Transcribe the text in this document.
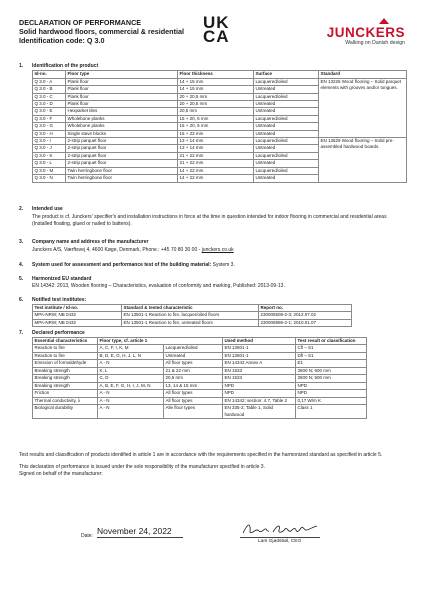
DECLARATION OF PERFORMANCE
Solid hardwood floors, commercial & residential
Identification code: Q 3.0
UK
CA	JUNCKERS
Walking on Danish design
1. Identification of the product
Id-no.	Floor type	Floor thickness	Surface	Standard
Q 3.0 - A	Plank floor	14 + 15 mm	Lacquered/oiled	EN 13226 Wood flooring – Solid parquet elements with grooves and/or tongues.
Q 3.0 - B	Plank floor	14 + 15 mm	Untreated	
Q 3.0 - C	Plank floor	20 + 20,5 mm	Lacquered/oiled	
Q 3.0 - D	Plank floor	20 + 20,5 mm	Untreated	
Q 3.0 - E	Hexparket tiles	20,5 mm	Untreated	
Q 3.0 - F	Wholebone planks	15 + 20, 5 mm	Lacquered/oiled	
Q 3.0 - G	Wholebone planks	15 + 20, 5 mm	Untreated	
Q 3.0 - H	Single stave blocks	15 + 22 mm	Untreated	
Q 3.0 - I	2-strip parquet floor	13 + 14 mm	Lacquered/oiled	EN 13629 Wood flooring – Solid pre-assembled hardwood boards.
Q 3.0 - J	2-strip parquet floor	13 + 14 mm	Untreated	
Q 3.0 - K	2-strip parquet floor	21 + 22 mm	Lacquered/oiled	
Q 3.0 - L	2-strip parquet floor	21 + 22 mm	Untreated	
Q 3.0 - M	Twin herringbone floor	14 + 22 mm	Lacquered/oiled	
Q 3.0 - N	Twin herringbone floor	14 + 22 mm	Untreated	
2. Intended use
The product is cf. Junckers' specifier's and installation instructions in force at the time in question intended for indoor flooring in commercial and residential areas (Installed floating, glued or nailed to battens).
3. Company name and address of the manufacturer
Junckers A/S, Værftsvej 4, 4600 Køge, Denmark, Phone.: +45 70 80 30 00 - junckers.co.uk
4. System used for assessment and performance test of the building material: System 3.
5. Harmonized EU standard
EN 14342: 2013, Wooden flooring – Characteristics, evaluation of conformity and marking, Published: 2013-09-13.
6. Notified test institutes:
Test institute / Id-no.	Standard & tested characteristic	Report no.
MPA-NRW; NB 0432	EN 13501-1 Reaction to fire, lacquer/oiled floors	230005508-2-3; 2012.07.02
MPA-NRW; NB 0432	EN 13501-1 Reaction to fire, untreated floors	230006996-2-1; 2010.01.07
7. Declared performance
Essential characteristics	Floor type, cf. article 1		Used method	Test result or classification
Reaction to fire	A, C, F, I, K, M	Lacquered/oiled	EN 13501-1	Cfl – S1
Reaction to fire	B, D, E, G, H, J, L, N	Untreated	EN 13501-1	Dfl – S1
Emission of formaldehyde	A - N	All floor types	EN 14342 Annex A	E1
Breaking strength	K, L	21 & 22 mm	EN 1533	3500 N; 600 mm
Breaking strength	C, D	20,5 mm	EN 1533	3500 N; 500 mm
Breaking strength	A, B, E, F, G, H, I, J, M, N	13, 14 & 15 mm	NPD	NPD
Friction	A - N	All floor types	NPD	NPD
Thermal conductivity, λ	A - N	All floor types	EN 14342; section: 4.7, Table 2	0,17 W/m K
Biological durability	A - N	Alle floor types	EN 335-2; Table 1, Solid hardwood	Class 1
Test results and classification of products identified in article 1 are in accordance with the requirements specified in the harmonized standard as specified in article 5.
This declaration of performance is issued under the sole responsibility of the manufacturer specified in article 3.
Signed on behalf of the manufacturer:
Date: November 24, 2022
Lars Gjødsbøl, CEO
